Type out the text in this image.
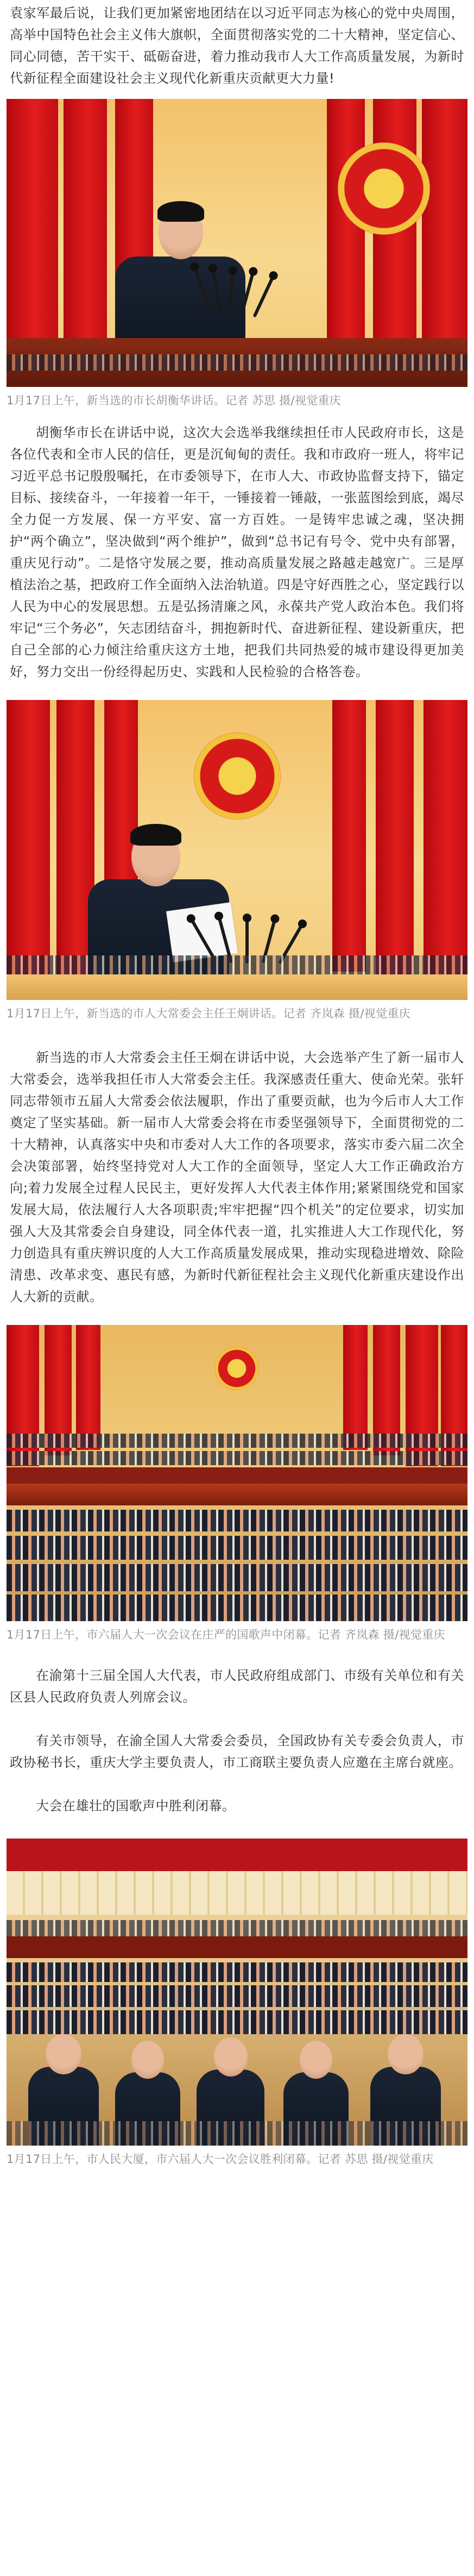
袁家军最后说，让我们更加紧密地团结在以习近平同志为核心的党中央周围，高举中国特色社会主义伟大旗帜，全面贯彻落实党的二十大精神，坚定信心、同心同德，苦干实干、砥砺奋进，着力推动我市人大工作高质量发展，为新时代新征程全面建设社会主义现代化新重庆贡献更大力量!

1月17日上午，新当选的市长胡衡华讲话。记者 苏思 摄/视觉重庆

胡衡华市长在讲话中说，这次大会选举我继续担任市人民政府市长，这是各位代表和全市人民的信任，更是沉甸甸的责任。我和市政府一班人，将牢记习近平总书记殷殷嘱托，在市委领导下，在市人大、市政协监督支持下，锚定目标、接续奋斗，一年接着一年干，一锤接着一锤敲，一张蓝图绘到底，竭尽全力促一方发展、保一方平安、富一方百姓。一是铸牢忠诚之魂，坚决拥护“两个确立”，坚决做到“两个维护”，做到“总书记有号令、党中央有部署，重庆见行动”。二是恪守发展之要，推动高质量发展之路越走越宽广。三是厚植法治之基，把政府工作全面纳入法治轨道。四是守好西胜之心，坚定践行以人民为中心的发展思想。五是弘扬清廉之风，永葆共产党人政治本色。我们将牢记“三个务必”，矢志团结奋斗，拥抱新时代、奋进新征程、建设新重庆，把自己全部的心力倾注给重庆这方土地，把我们共同热爱的城市建设得更加美好，努力交出一份经得起历史、实践和人民检验的合格答卷。

1月17日上午，新当选的市人大常委会主任王炯讲话。记者 齐岚森 摄/视觉重庆

新当选的市人大常委会主任王炯在讲话中说，大会选举产生了新一届市人大常委会，选举我担任市人大常委会主任。我深感责任重大、使命光荣。张轩同志带领市五届人大常委会依法履职，作出了重要贡献，也为今后市人大工作奠定了坚实基础。新一届市人大常委会将在市委坚强领导下，全面贯彻党的二十大精神，认真落实中央和市委对人大工作的各项要求，落实市委六届二次全会决策部署，始终坚持党对人大工作的全面领导，坚定人大工作正确政治方向;着力发展全过程人民民主，更好发挥人大代表主体作用;紧紧围绕党和国家发展大局，依法履行人大各项职责;牢牢把握“四个机关”的定位要求，切实加强人大及其常委会自身建设，同全体代表一道，扎实推进人大工作现代化，努力创造具有重庆辨识度的人大工作高质量发展成果，推动实现稳进增效、除险清患、改革求变、惠民有感，为新时代新征程社会主义现代化新重庆建设作出人大新的贡献。

1月17日上午，市六届人大一次会议在庄严的国歌声中闭幕。记者 齐岚森 摄/视觉重庆

在渝第十三届全国人大代表，市人民政府组成部门、市级有关单位和有关区县人民政府负责人列席会议。

有关市领导，在渝全国人大常委会委员，全国政协有关专委会负责人，市政协秘书长，重庆大学主要负责人，市工商联主要负责人应邀在主席台就座。

大会在雄壮的国歌声中胜利闭幕。

1月17日上午，市人民大厦，市六届人大一次会议胜利闭幕。记者 苏思 摄/视觉重庆
